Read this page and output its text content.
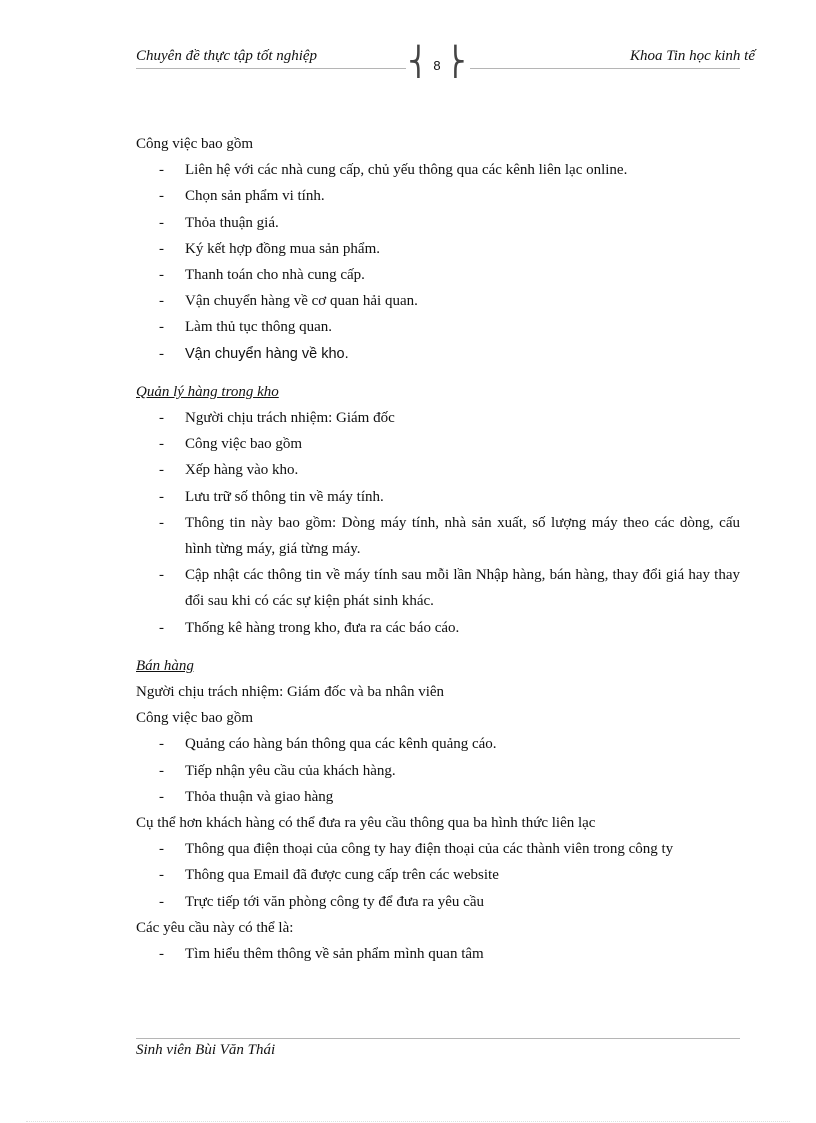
Chuyên đề thực tập tốt nghiệp	⎨ 8 ⎬	Khoa Tin học kinh tế

Công việc bao gồm

- Liên hệ với các nhà cung cấp, chủ yếu thông qua các kênh liên lạc online.
- Chọn sản phẩm vi tính.
- Thỏa thuận giá.
- Ký kết hợp đồng mua sản phẩm.
- Thanh toán cho nhà cung cấp.
- Vận chuyển hàng về cơ quan hải quan.
- Làm thủ tục thông quan.
- Vận chuyển hàng về kho.

Quản lý hàng trong kho

- Người chịu trách nhiệm: Giám đốc
- Công việc bao gồm
- Xếp hàng vào kho.
- Lưu trữ số thông tin về máy tính.
- Thông tin này bao gồm: Dòng máy tính, nhà sản xuất, số lượng máy theo các dòng, cấu hình từng máy, giá từng máy.
- Cập nhật các thông tin về máy tính sau mỗi lần Nhập hàng, bán hàng, thay đổi giá hay thay đổi sau khi có các sự kiện phát sinh khác.
- Thống kê hàng trong kho, đưa ra các báo cáo.

Bán hàng

Người chịu trách nhiệm: Giám đốc và ba nhân viên

Công việc bao gồm

- Quảng cáo hàng bán thông qua các kênh quảng cáo.
- Tiếp nhận yêu cầu của khách hàng.
- Thỏa thuận và giao hàng

Cụ thể hơn khách hàng có thể đưa ra yêu cầu thông qua ba hình thức liên lạc

- Thông qua điện thoại của công ty hay điện thoại của các thành viên trong công ty
- Thông qua Email đã được cung cấp trên các website
- Trực tiếp tới văn phòng công ty để đưa ra yêu cầu

Các yêu cầu này có thể là:

- Tìm hiểu thêm thông về sản phẩm mình quan tâm
Sinh viên Bùi Văn Thái
